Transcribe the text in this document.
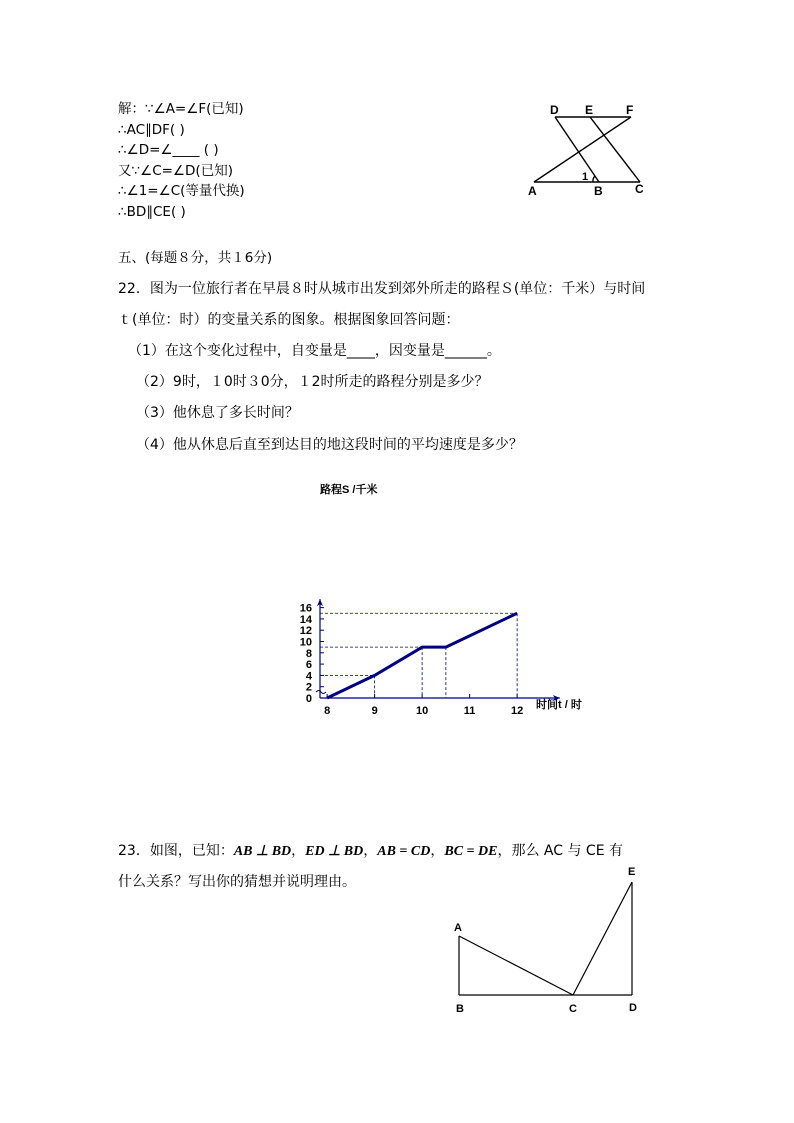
解：∵∠A=∠F(已知)
∴AC∥DF( )
∴∠D=∠____ ( )
又∵∠C=∠D(已知)
∴∠1=∠C(等量代换)
∴BD∥CE( )
D E	F
A	B	C
1
五、(每题８分，共１6分)
22．图为一位旅行者在早晨８时从城市出发到郊外所走的路程Ｓ(单位：千米）与时间
ｔ(单位：时）的变量关系的图象。根据图象回答问题：
（1）在这个变化过程中，自变量是____，因变量是______。
（2）9时，１0时３0分，１2时所走的路程分别是多少？
（3）他休息了多长时间？
（4）他从休息后直至到达目的地这段时间的平均速度是多少？
0
2
4
6
8
10
12
14
16
8	9	10	11	12
路程S /千米
时间t / 时
23．如图，已知：AB ⊥ BD，ED ⊥ BD，AB = CD，BC = DE，那么 AC 与 CE 有
什么关系？写出你的猜想并说明理由。
A
B	C	D
E
